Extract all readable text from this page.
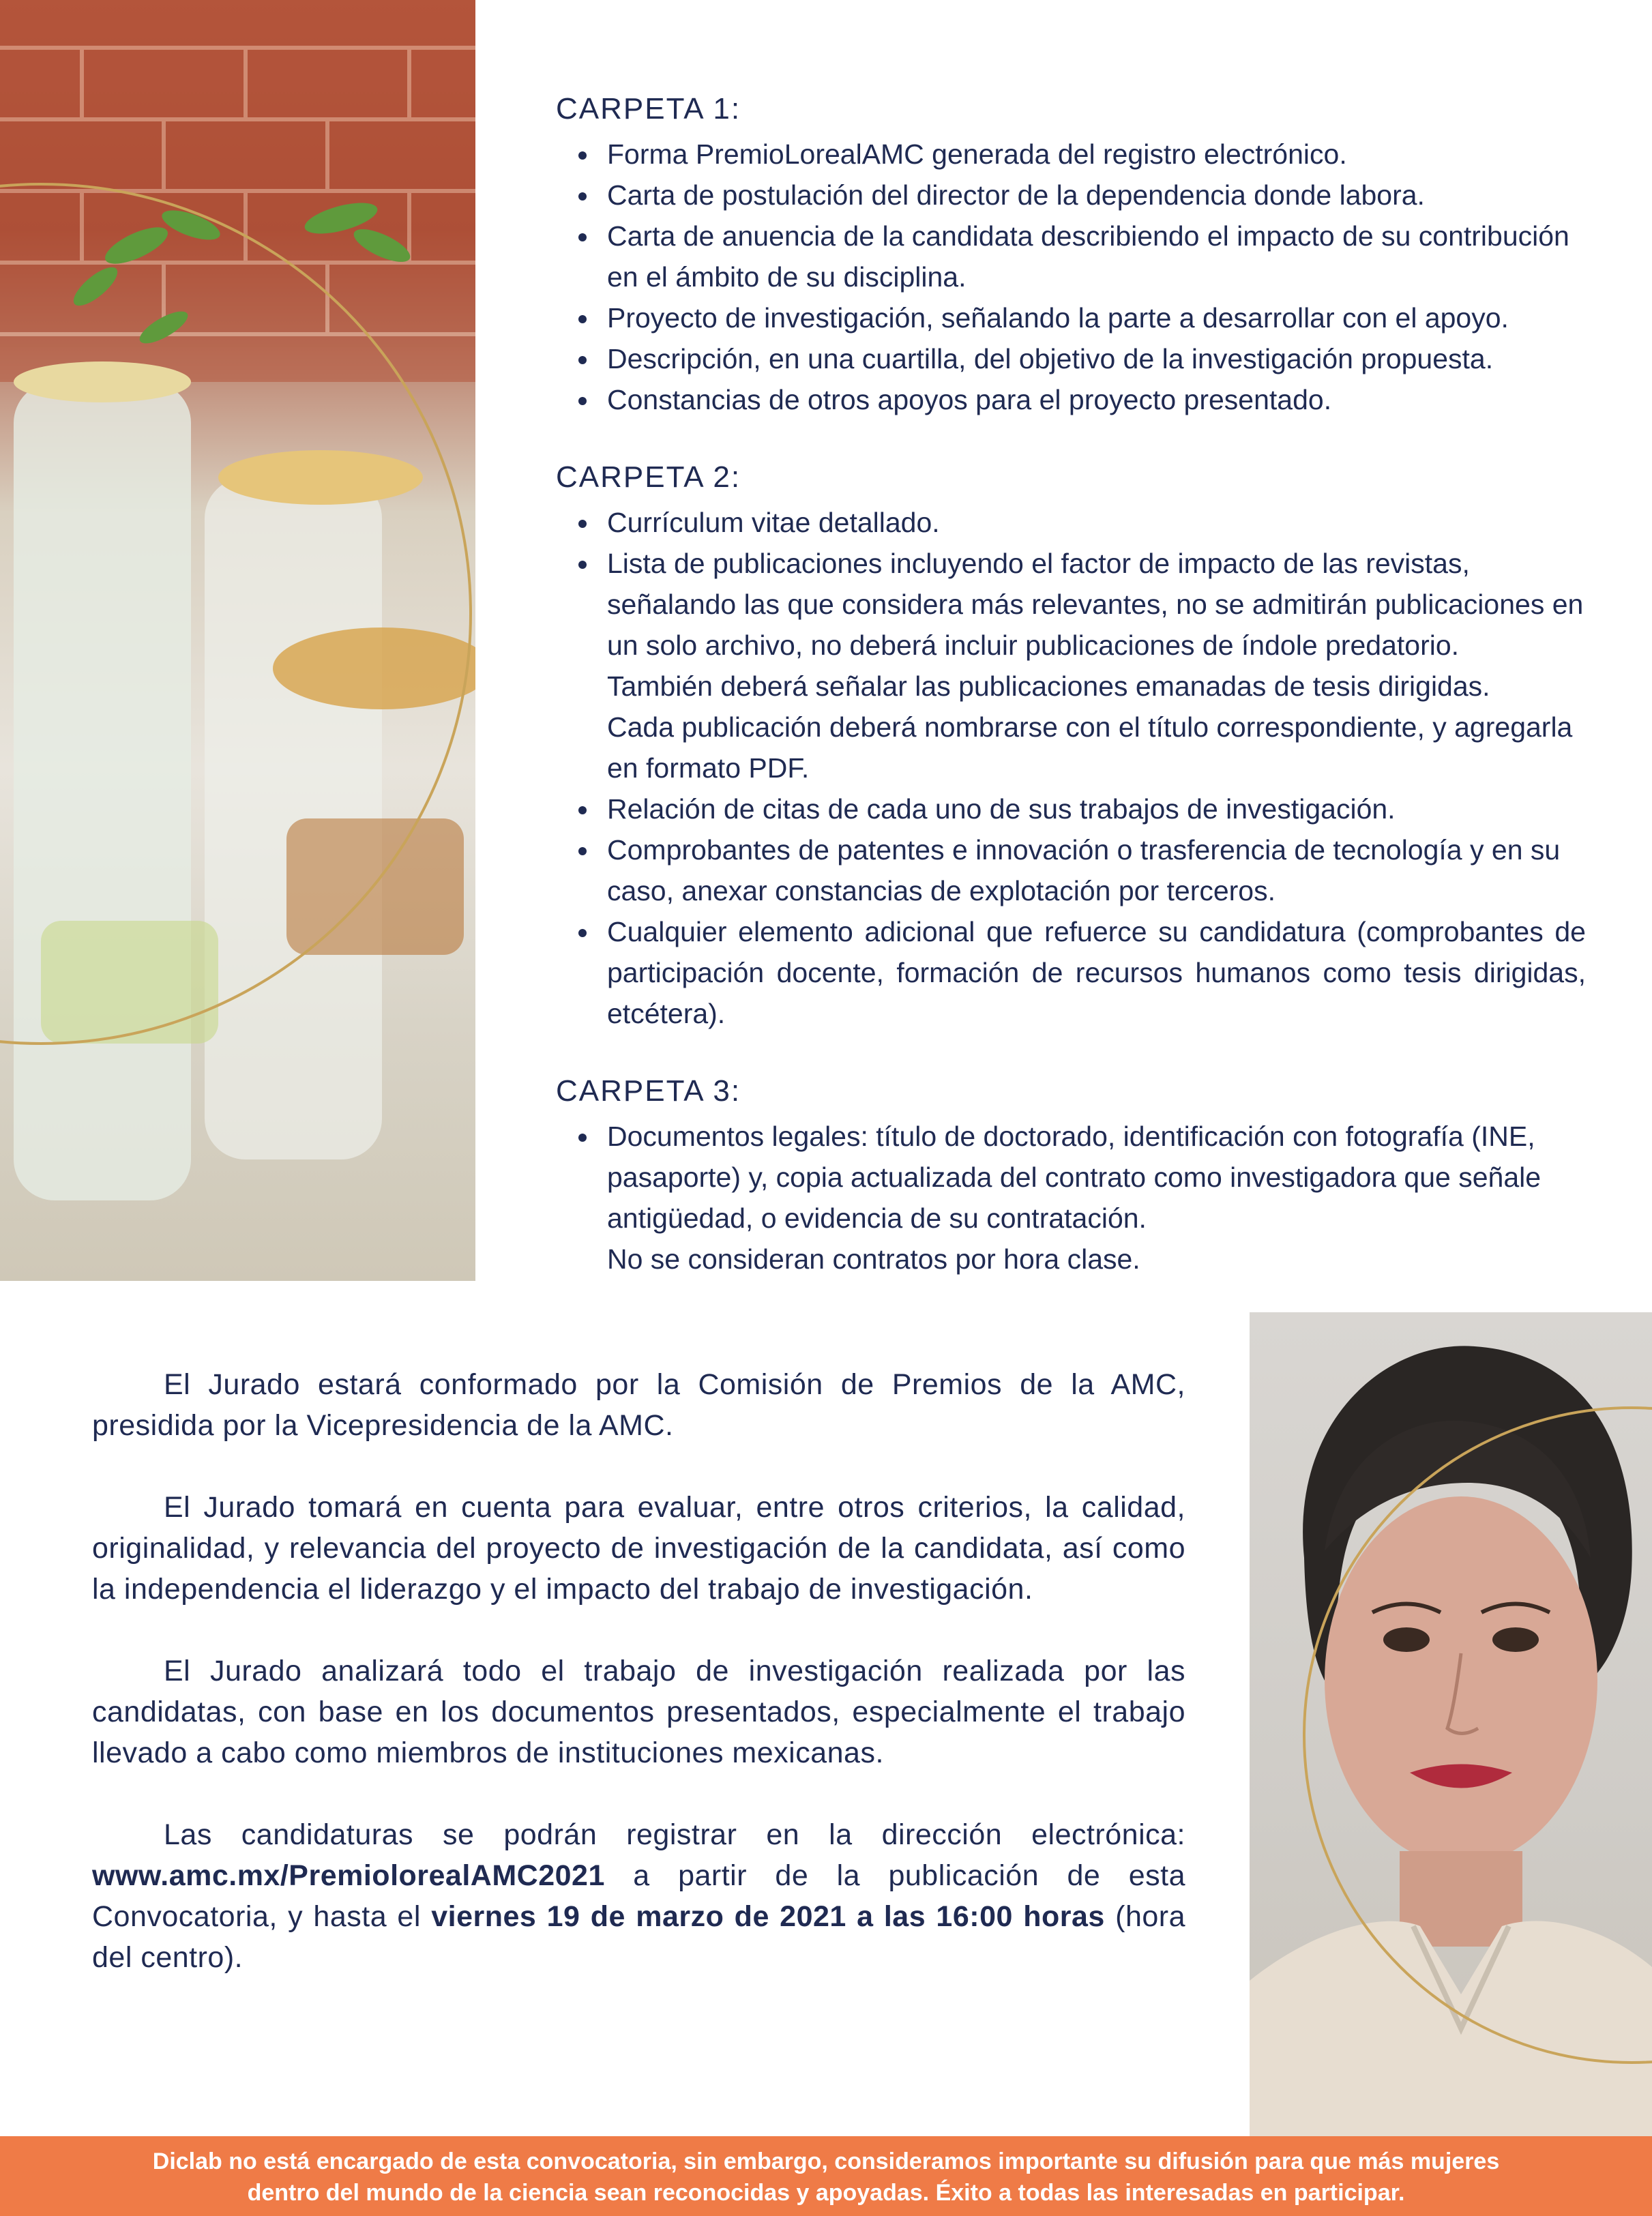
CARPETA 1:
Forma PremioLorealAMC generada del registro electrónico.
Carta de postulación del director de la dependencia donde labora.
Carta de anuencia de la candidata describiendo el impacto de su contribución en el ámbito de su disciplina.
Proyecto de investigación, señalando la parte a desarrollar con el apoyo.
Descripción, en una cuartilla, del objetivo de la investigación propuesta.
Constancias de otros apoyos para el proyecto presentado.
CARPETA 2:
Currículum vitae detallado.

Lista de publicaciones incluyendo el factor de impacto de las revistas, señalando las que considera más relevantes, no se admitirán publicaciones en un solo archivo, no deberá incluir publicaciones de índole predatorio.

También deberá señalar las publicaciones emanadas de tesis dirigidas.

Cada publicación deberá nombrarse con el título correspondiente, y agregarla en formato PDF.

Relación de citas de cada uno de sus trabajos de investigación.
Comprobantes de patentes e innovación o trasferencia de tecnología y en su caso, anexar constancias de explotación por terceros.
Cualquier elemento adicional que refuerce su candidatura (comprobantes de participación docente, formación de recursos humanos como tesis dirigidas, etcétera).
CARPETA 3:

Documentos legales: título de doctorado, identificación con fotografía (INE, pasaporte) y, copia actualizada del contrato como investigadora que señale antigüedad, o evidencia de su contratación.

No se consideran contratos por hora clase.

El Jurado estará conformado por la Comisión de Premios de la AMC, presidida por la Vicepresidencia de la AMC.

El Jurado tomará en cuenta para evaluar, entre otros criterios, la calidad, originalidad, y relevancia del proyecto de investigación de la candidata, así como la independencia el liderazgo y el impacto del trabajo de investigación.

El Jurado analizará todo el trabajo de investigación realizada por las candidatas, con base en los documentos presentados, especialmente el trabajo llevado a cabo como miembros de instituciones mexicanas.

Las candidaturas se podrán registrar en la dirección electrónica: www.amc.mx/PremiolorealAMC2021 a partir de la publicación de esta Convocatoria, y hasta el viernes 19 de marzo de 2021 a las 16:00 horas (hora del centro).

Diclab no está encargado de esta convocatoria, sin embargo, consideramos importante su difusión para que más mujeres
dentro del mundo de la ciencia sean reconocidas y apoyadas. Éxito a todas las interesadas en participar.
